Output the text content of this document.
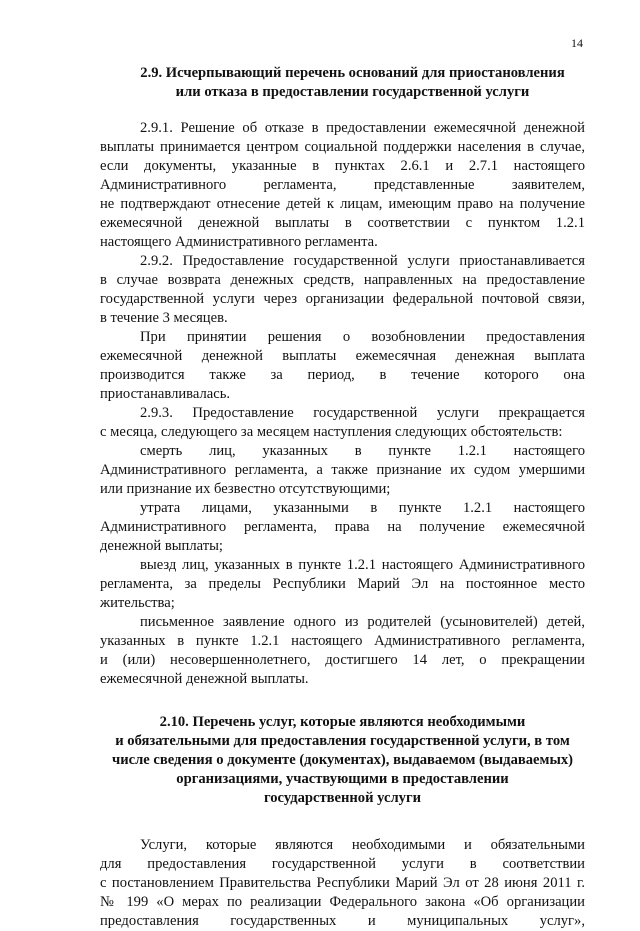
14
2.9. Исчерпывающий перечень оснований для приостановления
или отказа в предоставлении государственной услуги
2.9.1. Решение об отказе в предоставлении ежемесячной денежной
выплаты принимается центром социальной поддержки населения в случае,
если документы, указанные в пунктах 2.6.1 и 2.7.1 настоящего
Административного регламента, представленные заявителем,
не подтверждают отнесение детей к лицам, имеющим право на получение
ежемесячной денежной выплаты в соответствии с пунктом 1.2.1
настоящего Административного регламента.
2.9.2. Предоставление государственной услуги приостанавливается
в случае возврата денежных средств, направленных на предоставление
государственной услуги через организации федеральной почтовой связи,
в течение 3 месяцев.
При принятии решения о возобновлении предоставления
ежемесячной денежной выплаты ежемесячная денежная выплата
производится также за период, в течение которого она
приостанавливалась.
2.9.3. Предоставление государственной услуги прекращается
с месяца, следующего за месяцем наступления следующих обстоятельств:
смерть лиц, указанных в пункте 1.2.1 настоящего
Административного регламента, а также признание их судом умершими
или признание их безвестно отсутствующими;
утрата лицами, указанными в пункте 1.2.1 настоящего
Административного регламента, права на получение ежемесячной
денежной выплаты;
выезд лиц, указанных в пункте 1.2.1 настоящего Административного
регламента, за пределы Республики Марий Эл на постоянное место
жительства;
письменное заявление одного из родителей (усыновителей) детей,
указанных в пункте 1.2.1 настоящего Административного регламента,
и (или) несовершеннолетнего, достигшего 14 лет, о прекращении
ежемесячной денежной выплаты.
2.10. Перечень услуг, которые являются необходимыми
и обязательными для предоставления государственной услуги, в том
числе сведения о документе (документах), выдаваемом (выдаваемых)
организациями, участвующими в предоставлении
государственной услуги
Услуги, которые являются необходимыми и обязательными
для предоставления государственной услуги в соответствии
с постановлением Правительства Республики Марий Эл от 28 июня 2011 г.
№ 199 «О мерах по реализации Федерального закона «Об организации
предоставления государственных и муниципальных услуг»,
